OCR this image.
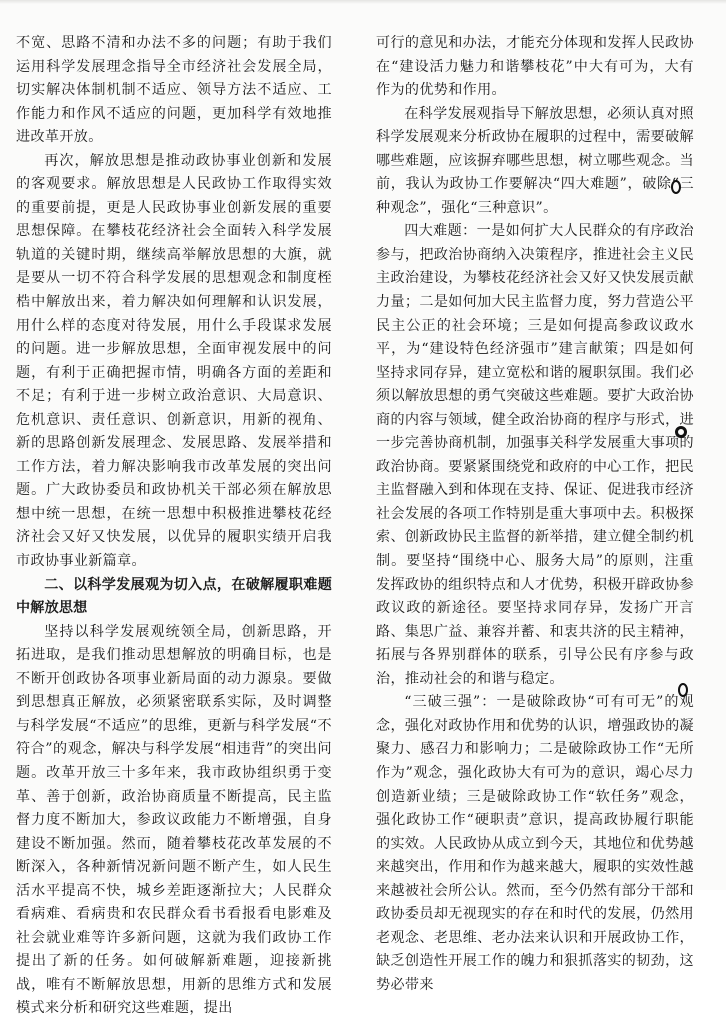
不宽、思路不清和办法不多的问题；有助于我们运用科学发展理念指导全市经济社会发展全局，切实解决体制机制不适应、领导方法不适应、工作能力和作风不适应的问题，更加科学有效地推进改革开放。

再次，解放思想是推动政协事业创新和发展的客观要求。解放思想是人民政协工作取得实效的重要前提，更是人民政协事业创新发展的重要思想保障。在攀枝花经济社会全面转入科学发展轨道的关键时期，继续高举解放思想的大旗，就是要从一切不符合科学发展的思想观念和制度桎梏中解放出来，着力解决如何理解和认识发展，用什么样的态度对待发展，用什么手段谋求发展的问题。进一步解放思想，全面审视发展中的问题，有利于正确把握市情，明确各方面的差距和不足；有利于进一步树立政治意识、大局意识、危机意识、责任意识、创新意识，用新的视角、新的思路创新发展理念、发展思路、发展举措和工作方法，着力解决影响我市改革发展的突出问题。广大政协委员和政协机关干部必须在解放思想中统一思想，在统一思想中积极推进攀枝花经济社会又好又快发展，以优异的履职实绩开启我市政协事业新篇章。

二、以科学发展观为切入点，在破解履职难题中解放思想

坚持以科学发展观统领全局，创新思路，开拓进取，是我们推动思想解放的明确目标，也是不断开创政协各项事业新局面的动力源泉。要做到思想真正解放，必须紧密联系实际，及时调整与科学发展“不适应”的思维，更新与科学发展“不符合”的观念，解决与科学发展“相违背”的突出问题。改革开放三十多年来，我市政协组织勇于变革、善于创新，政治协商质量不断提高，民主监督力度不断加大，参政议政能力不断增强，自身建设不断加强。然而，随着攀枝花改革发展的不断深入，各种新情况新问题不断产生，如人民生活水平提高不快，城乡差距逐渐拉大；人民群众看病难、看病贵和农民群众看书看报看电影难及社会就业难等许多新问题，这就为我们政协工作提出了新的任务。如何破解新难题，迎接新挑战，唯有不断解放思想，用新的思维方式和发展模式来分析和研究这些难题，提出

可行的意见和办法，才能充分体现和发挥人民政协在“建设活力魅力和谐攀枝花”中大有可为，大有作为的优势和作用。

在科学发展观指导下解放思想，必须认真对照科学发展观来分析政协在履职的过程中，需要破解哪些难题，应该摒弃哪些思想，树立哪些观念。当前，我认为政协工作要解决“四大难题”，破除“三种观念”，强化“三种意识”。

四大难题：一是如何扩大人民群众的有序政治参与，把政治协商纳入决策程序，推进社会主义民主政治建设，为攀枝花经济社会又好又快发展贡献力量；二是如何加大民主监督力度，努力营造公平民主公正的社会环境；三是如何提高参政议政水平，为“建设特色经济强市”建言献策；四是如何坚持求同存异，建立宽松和谐的履职氛围。我们必须以解放思想的勇气突破这些难题。要扩大政治协商的内容与领域，健全政治协商的程序与形式，进一步完善协商机制，加强事关科学发展重大事项的政治协商。要紧紧围绕党和政府的中心工作，把民主监督融入到和体现在支持、保证、促进我市经济社会发展的各项工作特别是重大事项中去。积极探索、创新政协民主监督的新举措，建立健全制约机制。要坚持“围绕中心、服务大局”的原则，注重发挥政协的组织特点和人才优势，积极开辟政协参政议政的新途径。要坚持求同存异，发扬广开言路、集思广益、兼容并蓄、和衷共济的民主精神，拓展与各界别群体的联系，引导公民有序参与政治，推动社会的和谐与稳定。

“三破三强”：一是破除政协“可有可无”的观念，强化对政协作用和优势的认识，增强政协的凝聚力、感召力和影响力；二是破除政协工作“无所作为”观念，强化政协大有可为的意识，竭心尽力创造新业绩；三是破除政协工作“软任务”观念，强化政协工作“硬职责”意识，提高政协履行职能的实效。人民政协从成立到今天，其地位和优势越来越突出，作用和作为越来越大，履职的实效性越来越被社会所公认。然而，至今仍然有部分干部和政协委员却无视现实的存在和时代的发展，仍然用老观念、老思维、老办法来认识和开展政协工作，缺乏创造性开展工作的魄力和狠抓落实的韧劲，这势必带来
